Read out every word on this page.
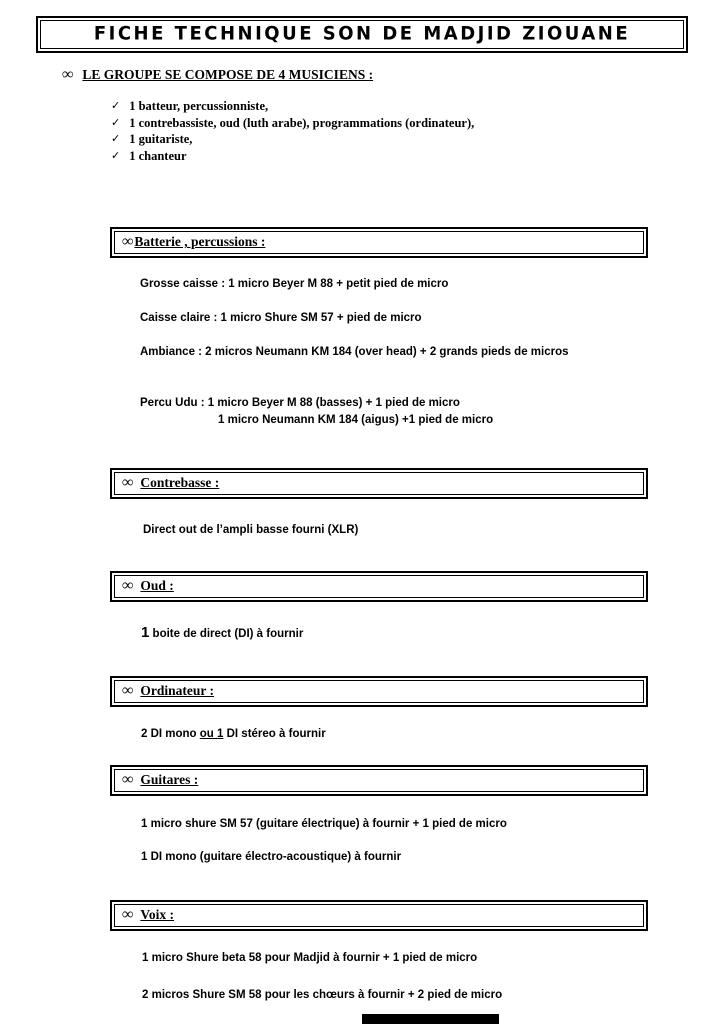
FICHE TECHNIQUE SON DE MADJID ZIOUANE
∞ LE GROUPE SE COMPOSE DE 4 MUSICIENS :
✓ 1 batteur, percussionniste,
✓ 1 contrebassiste, oud (luth arabe), programmations (ordinateur),
✓ 1 guitariste,
✓ 1 chanteur
∞ Batterie , percussions :
Grosse caisse : 1 micro Beyer M 88 + petit pied de micro
Caisse claire : 1 micro Shure SM 57 + pied de micro
Ambiance : 2 micros Neumann KM 184 (over head) + 2 grands pieds de micros
Percu Udu : 1 micro Beyer M 88 (basses) + 1 pied de micro
1 micro Neumann KM 184 (aigus) +1 pied de micro
∞ Contrebasse :
Direct out de l’ampli basse fourni (XLR)
∞ Oud :
1 boite de direct (DI) à fournir
∞ Ordinateur :
2 DI mono ou 1 DI stéreo à fournir
∞ Guitares :
1 micro shure SM 57 (guitare électrique) à fournir + 1 pied de micro
1 DI mono (guitare électro-acoustique) à fournir
∞ Voix :
1 micro Shure beta 58 pour Madjid à fournir + 1 pied de micro
2 micros Shure SM 58 pour les chœurs à fournir + 2 pied de micro
